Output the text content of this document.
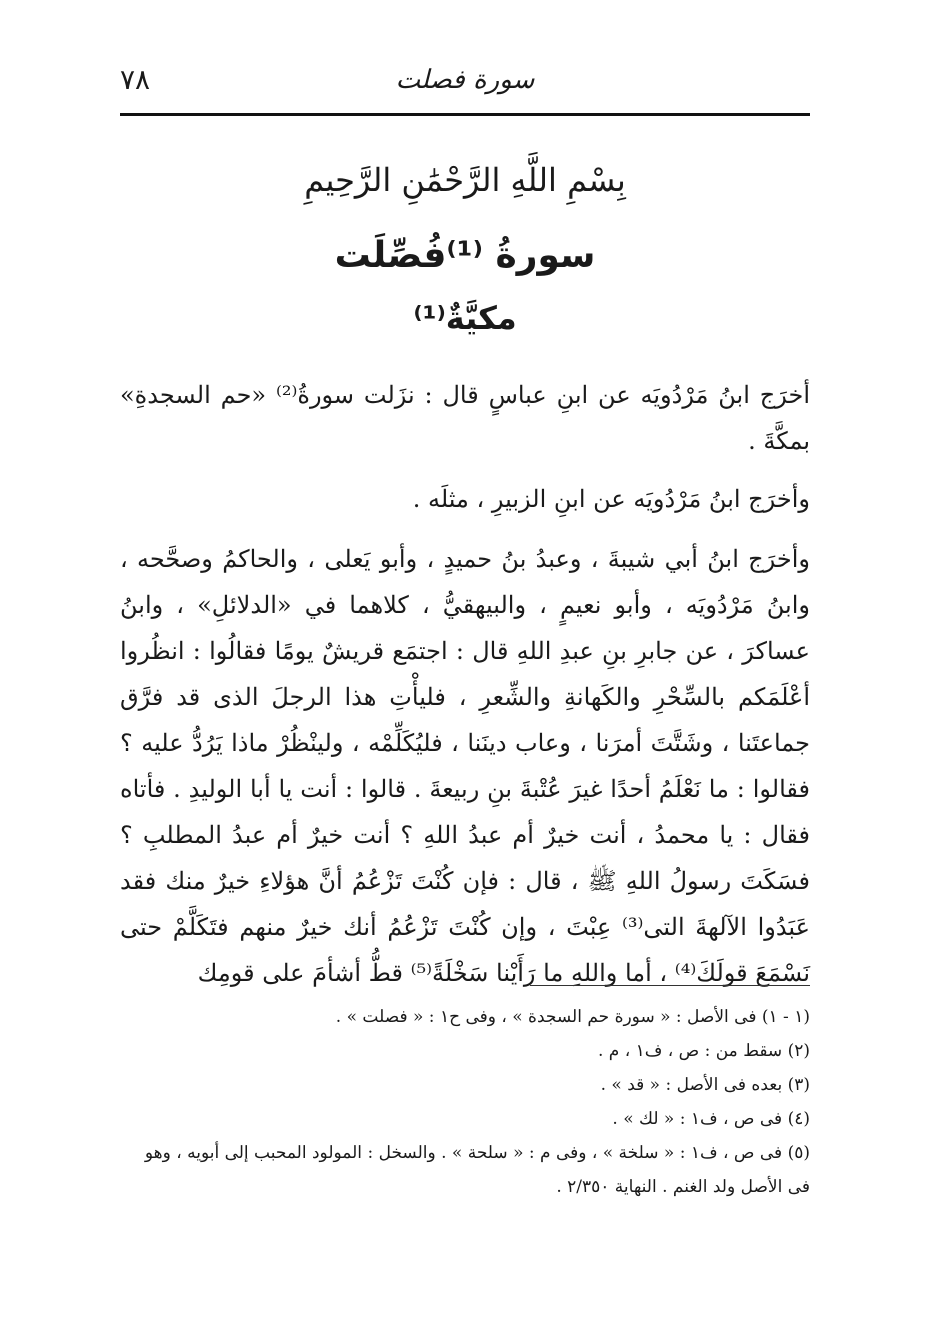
٧٨	سورة فصلت
بِسْمِ اللَّهِ الرَّحْمَٰنِ الرَّحِيمِ
سورةُ ⁽¹⁾فُصِّلَت
مكيَّةٌ⁽¹⁾

أخرَج ابنُ مَرْدُويَه عن ابنِ عباسٍ قال : نزَلت سورةُ⁽²⁾ «حم السجدةِ» بمكَّةَ .

وأخرَج ابنُ مَرْدُويَه عن ابنِ الزبيرِ ، مثلَه .

وأخرَج ابنُ أبي شيبةَ ، وعبدُ بنُ حميدٍ ، وأبو يَعلى ، والحاكمُ وصحَّحه ، وابنُ مَرْدُويَه ، وأبو نعيمٍ ، والبيهقيُّ ، كلاهما في «الدلائلِ» ، وابنُ عساكرَ ، عن جابرِ بنِ عبدِ اللهِ قال : اجتمَع قريشٌ يومًا فقالُوا : انظُروا أعْلَمَكم بالسِّحْرِ والكَهانةِ والشِّعرِ ، فليأْتِ هذا الرجلَ الذى قد فرَّق جماعتَنا ، وشَتَّتَ أمرَنا ، وعاب دينَنا ، فليُكَلِّمْه ، ولينْظُرْ ماذا يَرُدُّ عليه ؟ فقالوا : ما نَعْلَمُ أحدًا غيرَ عُتْبةَ بنِ ربيعةَ . قالوا : أنت يا أبا الوليدِ . فأتاه فقال : يا محمدُ ، أنت خيرٌ أم عبدُ اللهِ ؟ أنت خيرٌ أم عبدُ المطلبِ ؟ فسَكَتَ رسولُ اللهِ ﷺ ، قال : فإن كُنْتَ تَزْعُمُ أنَّ هؤلاءِ خيرٌ منك فقد عَبَدُوا الآلهةَ التى⁽³⁾ عِبْتَ ، وإن كُنْتَ تَزْعُمُ أنك خيرٌ منهم فتَكَلَّمْ حتى نَسْمَعَ قولَكَ⁽⁴⁾ ، أما واللهِ ما رَأَيْنا سَخْلَةً⁽⁵⁾ قطُّ أشأمَ على قومِك

(١ - ١) فى الأصل : « سورة حم السجدة » ، وفى ح١ : « فصلت » .

(٢) سقط من : ص ، ف١ ، م .

(٣) بعده فى الأصل : « قد » .

(٤) فى ص ، ف١ : « لك » .

(٥) فى ص ، ف١ : « سلخة » ، وفى م : « سلحة » . والسخل : المولود المحبب إلى أبويه ، وهو فى الأصل ولد الغنم . النهاية ٢/٣٥٠ .
